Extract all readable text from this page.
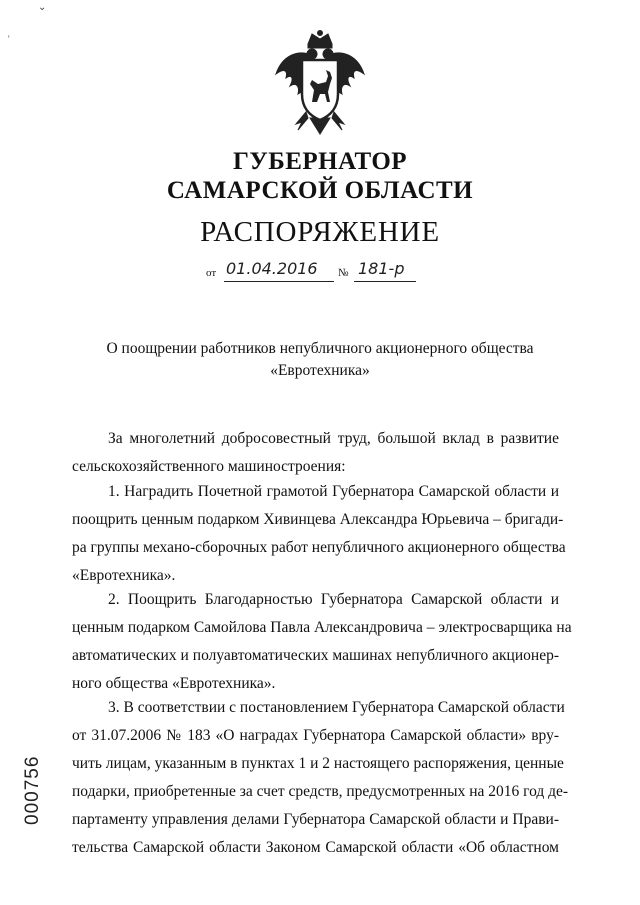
⌄
'
ГУБЕРНАТОР
САМАРСКОЙ ОБЛАСТИ
РАСПОРЯЖЕНИЕ
от 01.04.2016 № 181-р
О поощрении работников непубличного акционерного общества
«Евротехника»
За многолетний добросовестный труд, большой вклад в развитие
сельскохозяйственного машиностроения:
1. Наградить Почетной грамотой Губернатора Самарской области и
поощрить ценным подарком Хивинцева Александра Юрьевича – бригади-
ра группы механо-сборочных работ непубличного акционерного общества
«Евротехника».
2. Поощрить Благодарностью Губернатора Самарской области и
ценным подарком Самойлова Павла Александровича – электросварщика на
автоматических и полуавтоматических машинах непубличного акционер-
ного общества «Евротехника».
3. В соответствии с постановлением Губернатора Самарской области
от 31.07.2006 № 183 «О наградах Губернатора Самарской области» вру-
чить лицам, указанным в пунктах 1 и 2 настоящего распоряжения, ценные
подарки, приобретенные за счет средств, предусмотренных на 2016 год де-
партаменту управления делами Губернатора Самарской области и Прави-
тельства Самарской области Законом Самарской области «Об областном
000756
